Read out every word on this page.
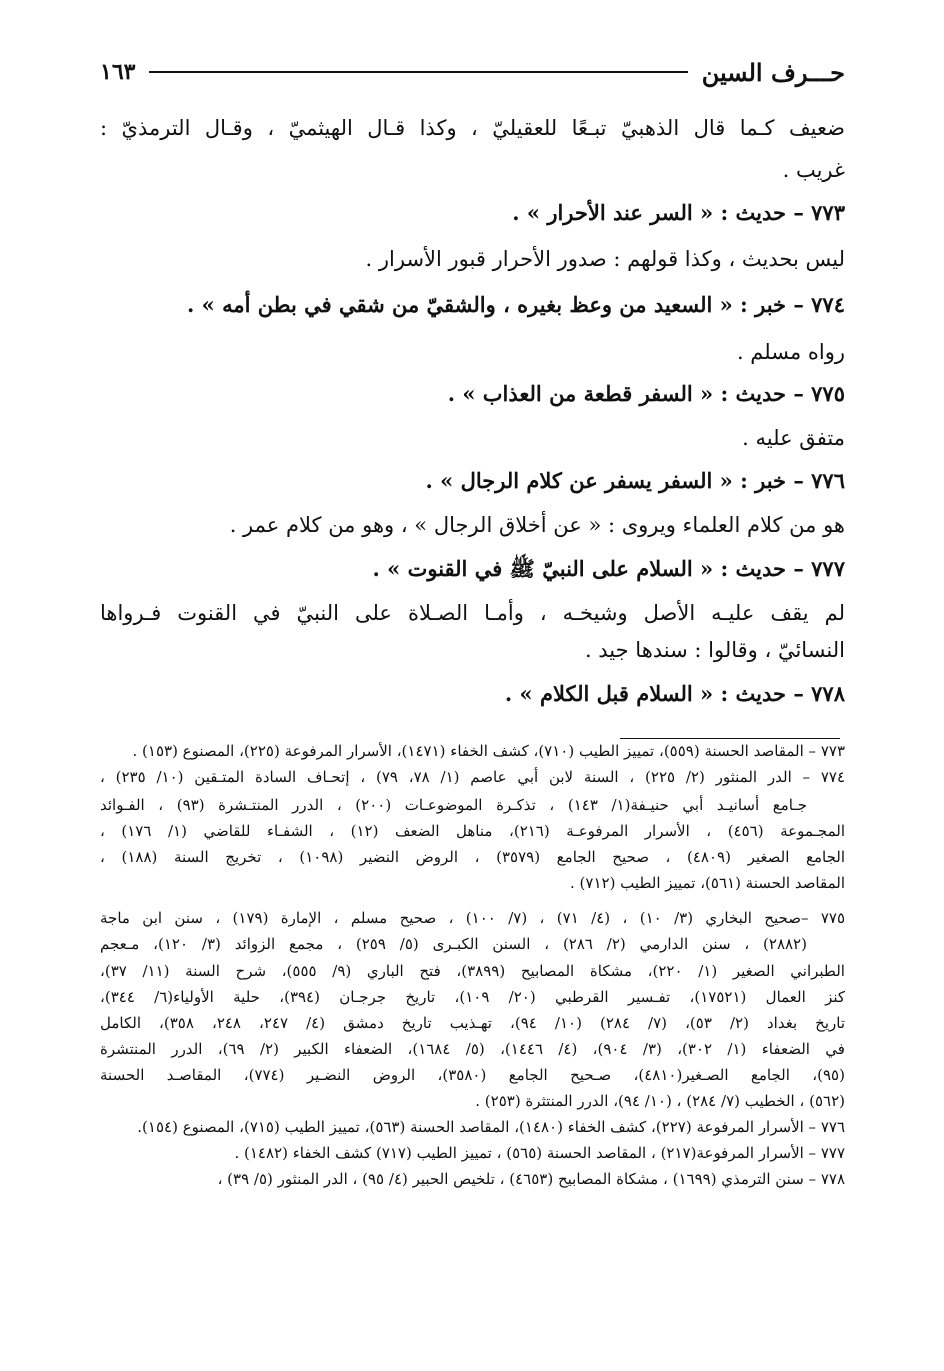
حـــرف السين
١٦٣
ضعيف كـما قال الذهبيّ تبـعًا للعقيليّ ، وكذا قـال الهيثميّ ، وقـال الترمذيّ :
غريب .
٧٧٣ – حديث : « السر عند الأحرار » .
ليس بحديث ، وكذا قولهم : صدور الأحرار قبور الأسرار .
٧٧٤ – خبر : « السعيد من وعظ بغيره ، والشقيّ من شقي في بطن أمه » .
رواه مسلم .
٧٧٥ – حديث : « السفر قطعة من العذاب » .
متفق عليه .
٧٧٦ – خبر : « السفر يسفر عن كلام الرجال » .
هو من كلام العلماء ويروى : « عن أخلاق الرجال » ، وهو من كلام عمر .
٧٧٧ – حديث : « السلام على النبيّ ﷺ في القنوت » .
لم يقف عليـه الأصل وشيخـه ، وأمـا الصـلاة على النبيّ في القنوت فـرواها
النسائيّ ، وقالوا : سندها جيد .
٧٧٨ – حديث : « السلام قبل الكلام » .
٧٧٣ – المقاصد الحسنة (٥٥٩)، تمييز الطيب (٧١٠)، كشف الخفاء (١٤٧١)، الأسرار المرفوعة (٢٢٥)، المصنوع (١٥٣) .
٧٧٤ – الدر المنثور (٢/ ٢٢٥) ، السنة لابن أبي عاصم (١/ ٧٨، ٧٩) ، إتحـاف السادة المتـقين (١٠/ ٢٣٥) ،
جـامع أسانيـد أبي حنيـفة(١/ ١٤٣) ، تذكـرة الموضوعـات (٢٠٠) ، الدرر المنتـشرة (٩٣) ، الفـوائد
المجـموعة (٤٥٦) ، الأسرار المرفوعـة (٢١٦)، مناهل الضعف (١٢) ، الشفـاء للقاضي (١/ ١٧٦) ،
الجامع الصغير (٤٨٠٩) ، صحيح الجامع (٣٥٧٩) ، الروض النضير (١٠٩٨) ، تخريج السنة (١٨٨) ،
المقاصد الحسنة (٥٦١)، تمييز الطيب (٧١٢) .
٧٧٥ –صحيح البخاري (٣/ ١٠) ، (٤/ ٧١) ، (٧/ ١٠٠) ، صحيح مسلم ، الإمارة (١٧٩) ، سنن ابن ماجة
(٢٨٨٢) ، سنن الدارمي (٢/ ٢٨٦) ، السنن الكبـرى (٥/ ٢٥٩) ، مجمع الزوائد (٣/ ١٢٠)، مـعجم
الطبراني الصغير (١/ ٢٢٠)، مشكاة المصابيح (٣٨٩٩)، فتح الباري (٩/ ٥٥٥)، شرح السنة (١١/ ٣٧)،
كنز العمال (١٧٥٢١)، تفـسير القرطبي (٢٠/ ١٠٩)، تاريخ جرجـان (٣٩٤)، حلية الأولياء(٦/ ٣٤٤)،
تاريخ بغداد (٢/ ٥٣)، (٧/ ٢٨٤) (١٠/ ٩٤)، تهـذيب تاريخ دمشق (٤/ ٢٤٧، ٢٤٨، ٣٥٨)، الكامل
في الضعفاء (١/ ٣٠٢)، (٣/ ٩٠٤)، (٤/ ١٤٤٦)، (٥/ ١٦٨٤)، الضعفاء الكبير (٢/ ٦٩)، الدرر المنتشرة
(٩٥)، الجامع الصـغير(٤٨١٠)، صـحيح الجامع (٣٥٨٠)، الروض النضـير (٧٧٤)، المقاصـد الحسنة
(٥٦٢) ، الخطيب (٧/ ٢٨٤) ، (١٠/ ٩٤)، الدرر المنتثرة (٢٥٣) .
٧٧٦ – الأسرار المرفوعة (٢٢٧)، كشف الخفاء (١٤٨٠)، المقاصد الحسنة (٥٦٣)، تمييز الطيب (٧١٥)، المصنوع (١٥٤).
٧٧٧ – الأسرار المرفوعة(٢١٧) ، المقاصد الحسنة (٥٦٥) ، تمييز الطيب (٧١٧) كشف الخفاء (١٤٨٢) .
٧٧٨ – سنن الترمذي (١٦٩٩) ، مشكاة المصابيح (٤٦٥٣) ، تلخيص الحبير (٤/ ٩٥) ، الدر المنثور (٥/ ٣٩) ،
